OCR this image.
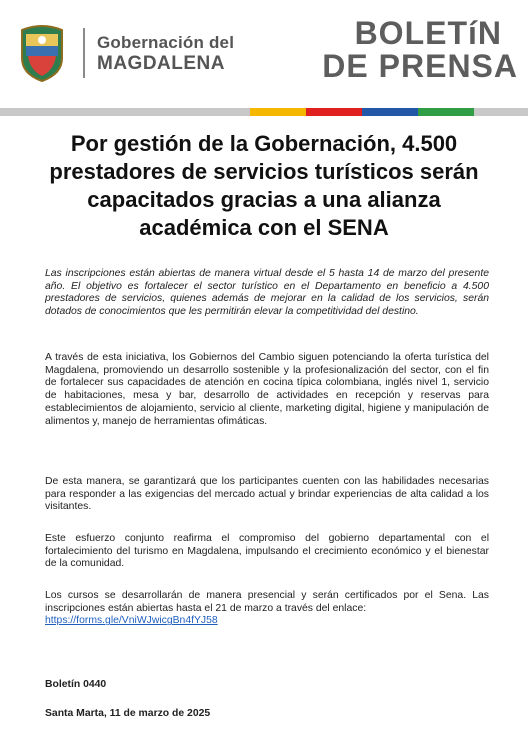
Gobernación del
MAGDALENA
BOLETíN
DE PRENSA
Por gestión de la Gobernación, 4.500 prestadores de servicios turísticos serán capacitados gracias a una alianza académica con el SENA

Las inscripciones están abiertas de manera virtual desde el 5 hasta 14 de marzo del presente año. El objetivo es fortalecer el sector turístico en el Departamento en beneficio a 4.500 prestadores de servicios, quienes además de mejorar en la calidad de los servicios, serán dotados de conocimientos que les permitirán elevar la competitividad del destino.

A través de esta iniciativa, los Gobiernos del Cambio siguen potenciando la oferta turística del Magdalena, promoviendo un desarrollo sostenible y la profesionalización del sector, con el fin de fortalecer sus capacidades de atención en cocina típica colombiana, inglés nivel 1, servicio de habitaciones, mesa y bar, desarrollo de actividades en recepción y reservas para establecimientos de alojamiento, servicio al cliente, marketing digital, higiene y manipulación de alimentos y, manejo de herramientas ofimáticas.

De esta manera, se garantizará que los participantes cuenten con las habilidades necesarias para responder a las exigencias del mercado actual y brindar experiencias de alta calidad a los visitantes.

Este esfuerzo conjunto reafirma el compromiso del gobierno departamental con el fortalecimiento del turismo en Magdalena, impulsando el crecimiento económico y el bienestar de la comunidad.

Los cursos se desarrollarán de manera presencial y serán certificados por el Sena. Las inscripciones están abiertas hasta el 21 de marzo a través del enlace:
https://forms.gle/VniWJwicgBn4fYJ58

Boletín 0440
Santa Marta, 11 de marzo de 2025
